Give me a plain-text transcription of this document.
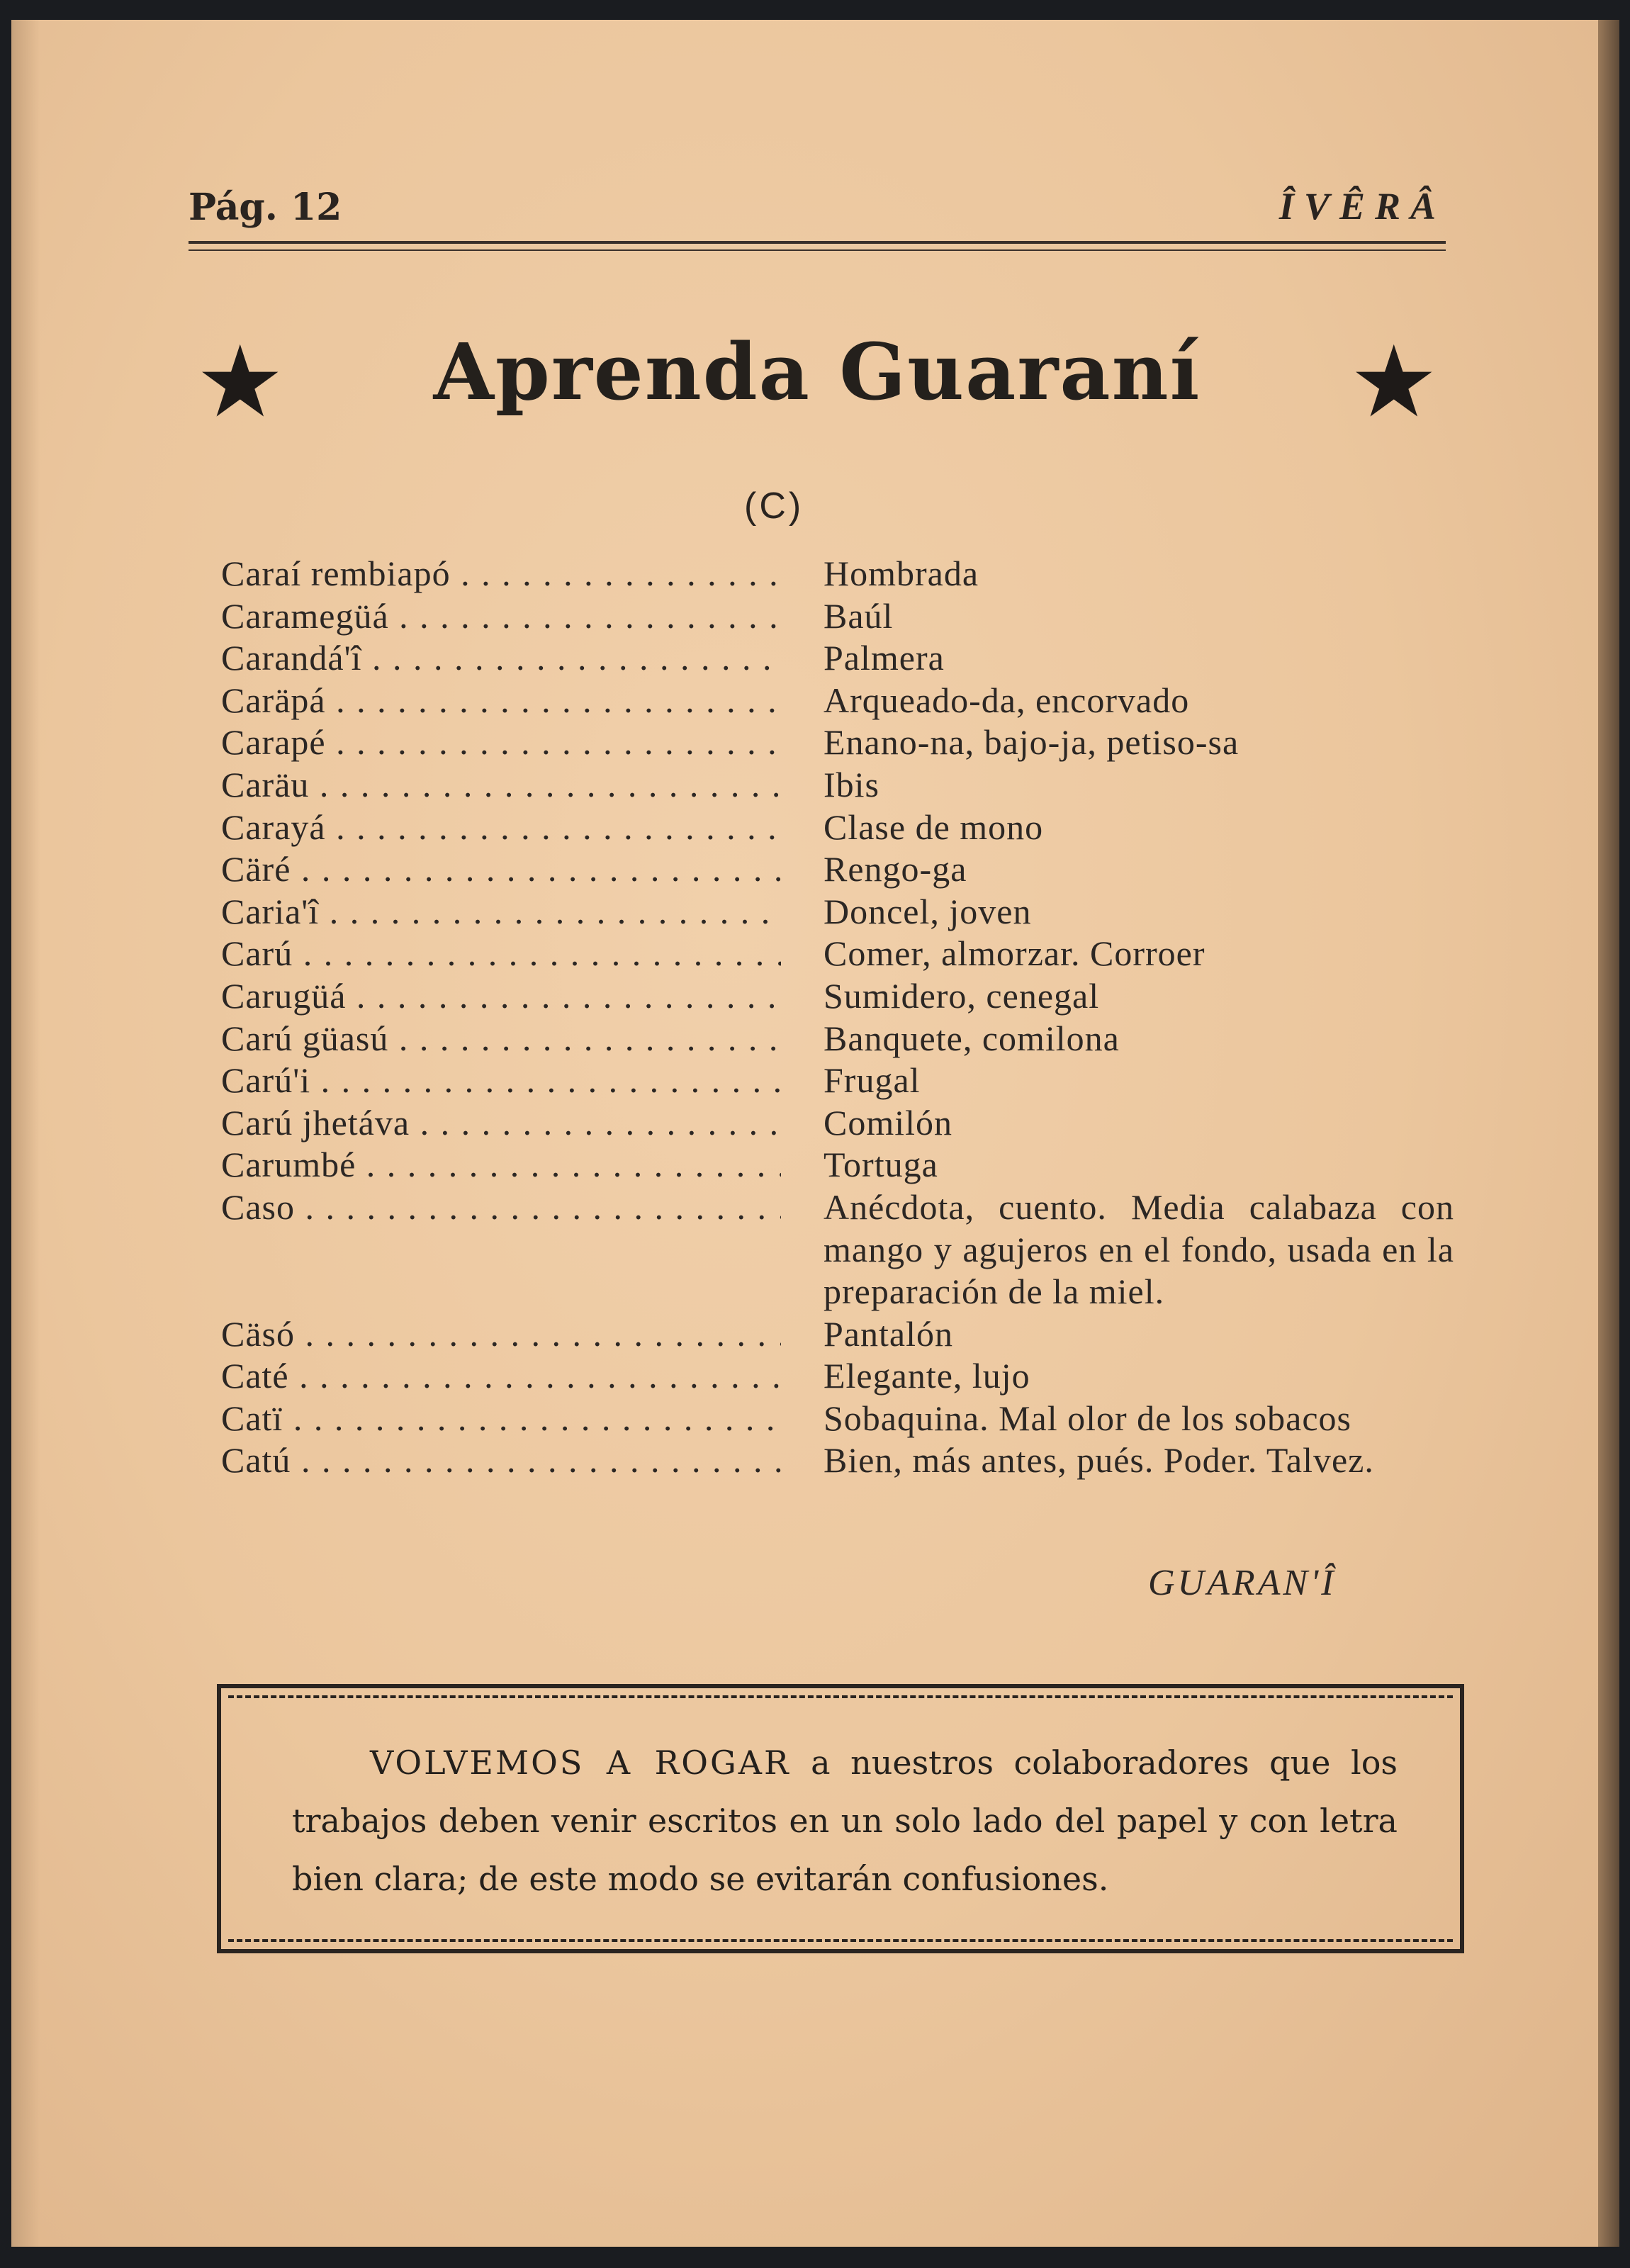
Pág. 12	ÎVÊRÂ
★	Aprenda Guaraní	★
(C)
Caraí rembiapó . . .	Hombrada
Caramegüá . . .	Baúl
Carandá'î . . .	Palmera
Caräpá . . .	Arqueado-da, encorvado
Carapé . . .	Enano-na, bajo-ja, petiso-sa
Caräu . . .	Ibis
Carayá . . .	Clase de mono
Cäré . . .	Rengo-ga
Caria'î . . .	Doncel, joven
Carú . . .	Comer, almorzar. Corroer
Carugüá . . .	Sumidero, cenegal
Carú güasú . . .	Banquete, comilona
Carú'i . . .	Frugal
Carú jhetáva . . .	Comilón
Carumbé . . .	Tortuga
Caso . . .	Anécdota, cuento. Media calabaza con mango y agujeros en el fondo, usada en la preparación de la miel.
Cäsó . . .	Pantalón
Caté . . .	Elegante, lujo
Catï . . .	Sobaquina. Mal olor de los sobacos
Catú . . .	Bien, más antes, pués. Poder. Talvez.
GUARAN'Î
VOLVEMOS A ROGAR a nuestros colaboradores que los trabajos deben venir escritos en un solo lado del papel y con letra bien clara; de este modo se evitarán confusiones.
